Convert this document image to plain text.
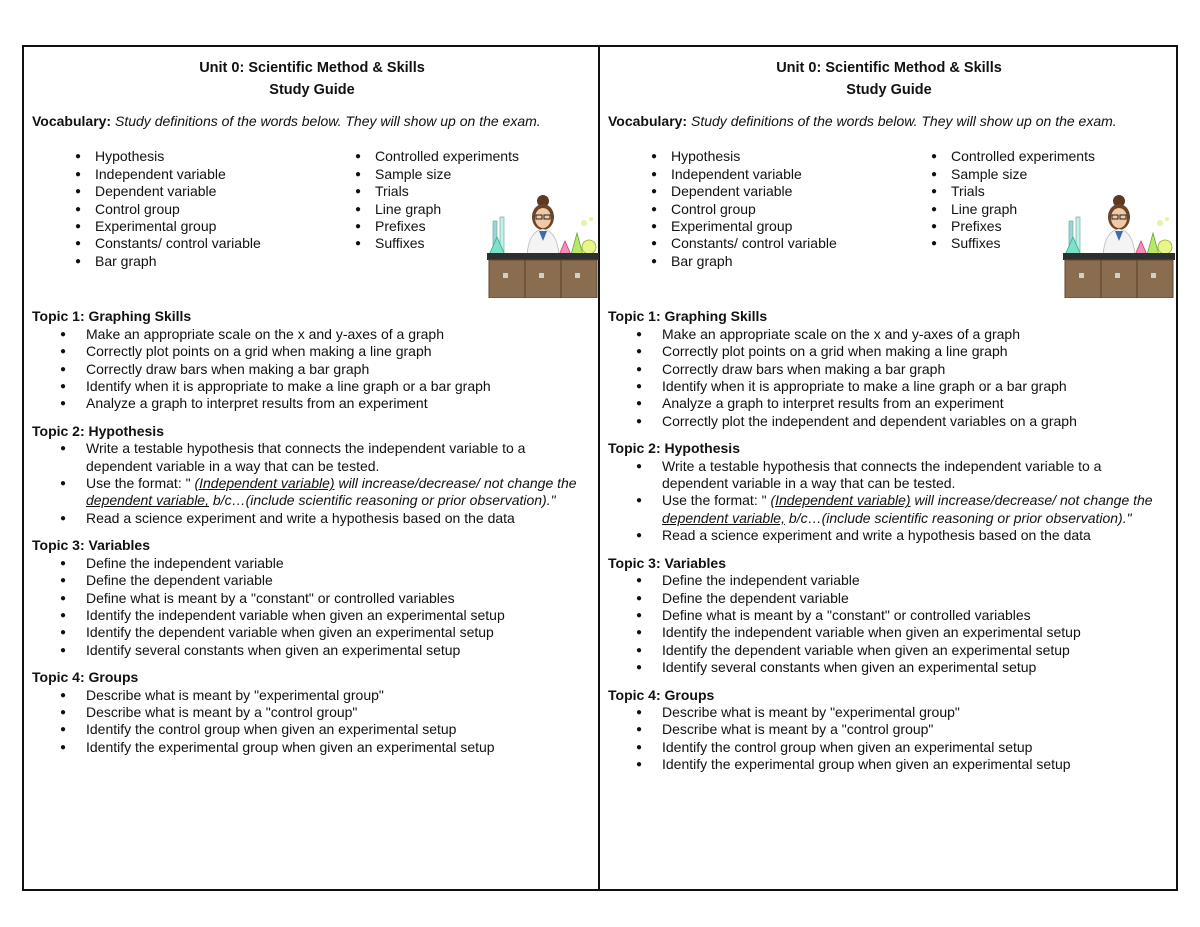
Unit 0: Scientific Method & Skills
Study Guide
Vocabulary: Study definitions of the words below. They will show up on the exam.
● Hypothesis
● Independent variable
● Dependent variable
● Control group
● Experimental group
● Constants/ control variable
● Bar graph
● Controlled experiments
● Sample size
● Trials
● Line graph
● Prefixes
● Suffixes
Topic 1: Graphing Skills
● Make an appropriate scale on the x and y-axes of a graph
● Correctly plot points on a grid when making a line graph
● Correctly draw bars when making a bar graph
● Identify when it is appropriate to make a line graph or a bar graph
● Analyze a graph to interpret results from an experiment
Topic 2: Hypothesis
● Write a testable hypothesis that connects the independent variable to a dependent variable in a way that can be tested.
● Use the format: " (Independent variable) will increase/decrease/ not change the dependent variable, b/c…(include scientific reasoning or prior observation)."
● Read a science experiment and write a hypothesis based on the data
Topic 3: Variables
● Define the independent variable
● Define the dependent variable
● Define what is meant by a "constant" or controlled variables
● Identify the independent variable when given an experimental setup
● Identify the dependent variable when given an experimental setup
● Identify several constants when given an experimental setup
Topic 4: Groups
● Describe what is meant by "experimental group"
● Describe what is meant by a "control group"
● Identify the control group when given an experimental setup
● Identify the experimental group when given an experimental setup
Unit 0: Scientific Method & Skills
Study Guide
Vocabulary: Study definitions of the words below. They will show up on the exam.
● Hypothesis
● Independent variable
● Dependent variable
● Control group
● Experimental group
● Constants/ control variable
● Bar graph
● Controlled experiments
● Sample size
● Trials
● Line graph
● Prefixes
● Suffixes
Topic 1: Graphing Skills
● Make an appropriate scale on the x and y-axes of a graph
● Correctly plot points on a grid when making a line graph
● Correctly draw bars when making a bar graph
● Identify when it is appropriate to make a line graph or a bar graph
● Analyze a graph to interpret results from an experiment
● Correctly plot the independent and dependent variables on a graph
Topic 2: Hypothesis
● Write a testable hypothesis that connects the independent variable to a dependent variable in a way that can be tested.
● Use the format: " (Independent variable) will increase/decrease/ not change the dependent variable, b/c…(include scientific reasoning or prior observation)."
● Read a science experiment and write a hypothesis based on the data
Topic 3: Variables
● Define the independent variable
● Define the dependent variable
● Define what is meant by a "constant" or controlled variables
● Identify the independent variable when given an experimental setup
● Identify the dependent variable when given an experimental setup
● Identify several constants when given an experimental setup
Topic 4: Groups
● Describe what is meant by "experimental group"
● Describe what is meant by a "control group"
● Identify the control group when given an experimental setup
● Identify the experimental group when given an experimental setup
